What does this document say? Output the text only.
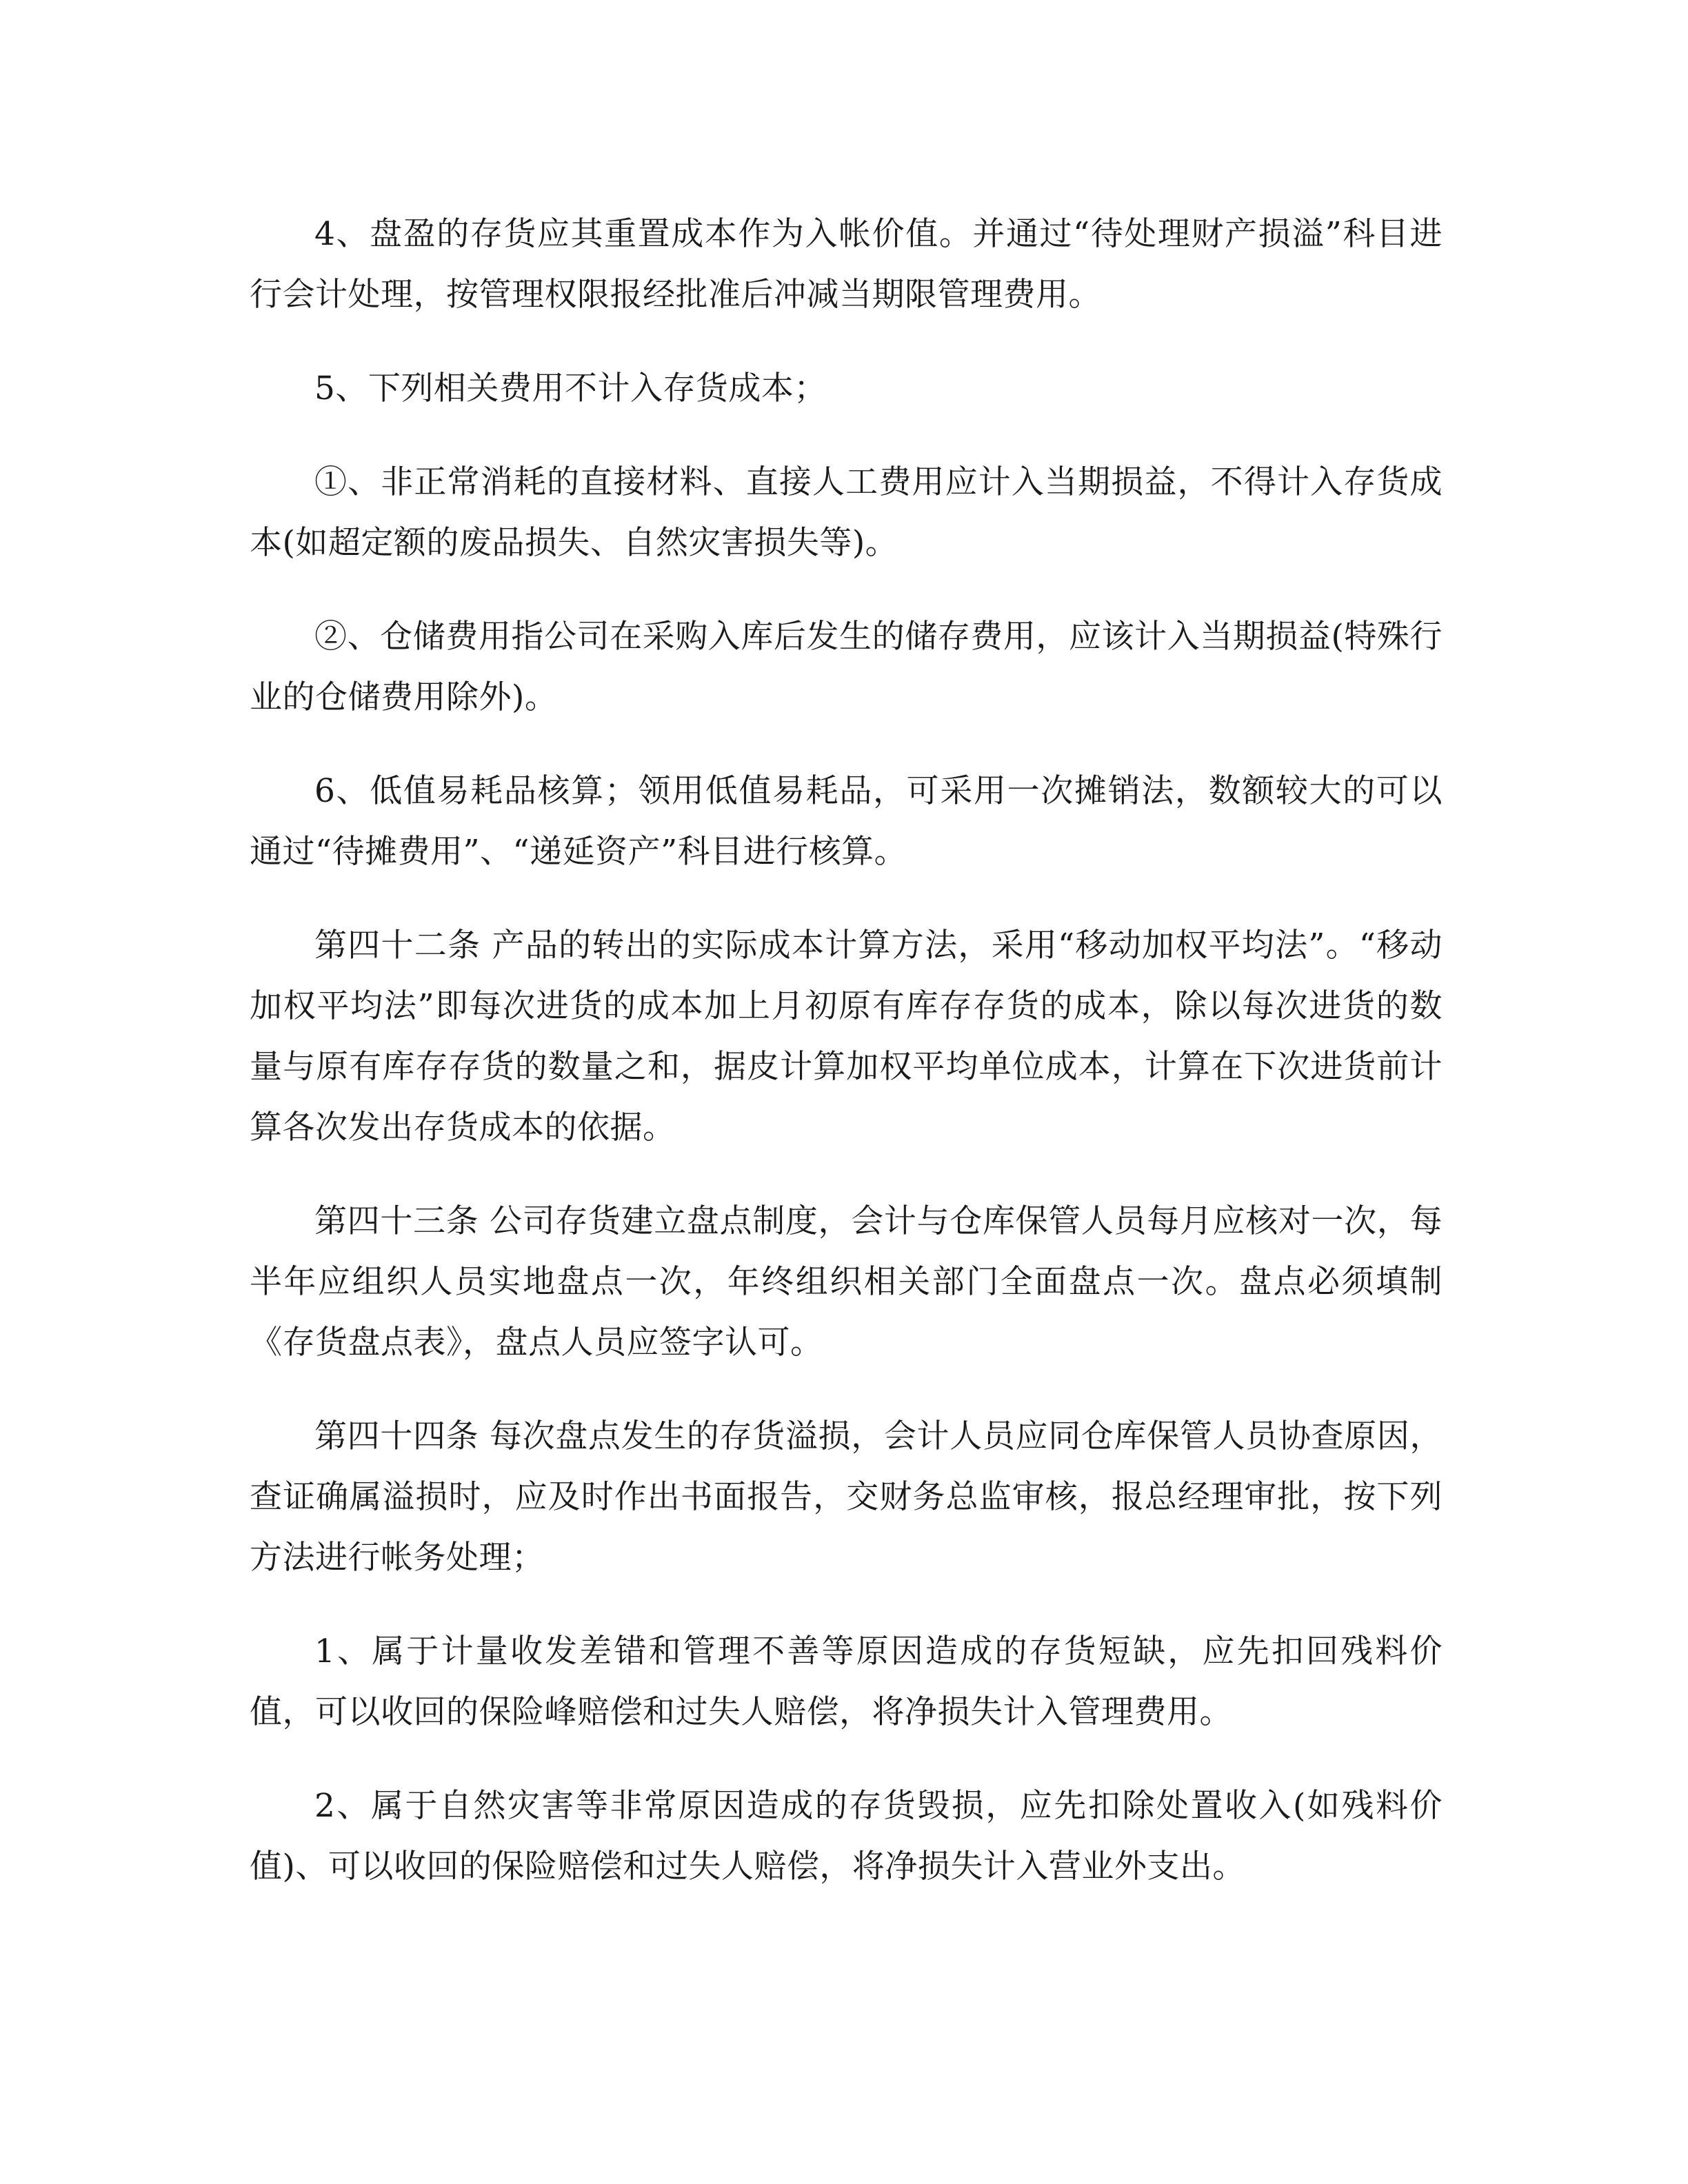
4、盘盈的存货应其重置成本作为入帐价值。并通过“待处理财产损溢”科目进行会计处理，按管理权限报经批准后冲减当期限管理费用。

5、下列相关费用不计入存货成本；

①、非正常消耗的直接材料、直接人工费用应计入当期损益，不得计入存货成本(如超定额的废品损失、自然灾害损失等)。

②、仓储费用指公司在采购入库后发生的储存费用，应该计入当期损益(特殊行业的仓储费用除外)。

6、低值易耗品核算；领用低值易耗品，可采用一次摊销法，数额较大的可以通过“待摊费用”、“递延资产”科目进行核算。

第四十二条 产品的转出的实际成本计算方法，采用“移动加权平均法”。“移动加权平均法”即每次进货的成本加上月初原有库存存货的成本，除以每次进货的数量与原有库存存货的数量之和，据皮计算加权平均单位成本，计算在下次进货前计算各次发出存货成本的依据。

第四十三条 公司存货建立盘点制度，会计与仓库保管人员每月应核对一次，每半年应组织人员实地盘点一次，年终组织相关部门全面盘点一次。盘点必须填制《存货盘点表》，盘点人员应签字认可。

第四十四条 每次盘点发生的存货溢损，会计人员应同仓库保管人员协查原因，查证确属溢损时，应及时作出书面报告，交财务总监审核，报总经理审批，按下列方法进行帐务处理；

1、属于计量收发差错和管理不善等原因造成的存货短缺，应先扣回残料价值，可以收回的保险峰赔偿和过失人赔偿，将净损失计入管理费用。

2、属于自然灾害等非常原因造成的存货毁损，应先扣除处置收入(如残料价值)、可以收回的保险赔偿和过失人赔偿，将净损失计入营业外支出。
